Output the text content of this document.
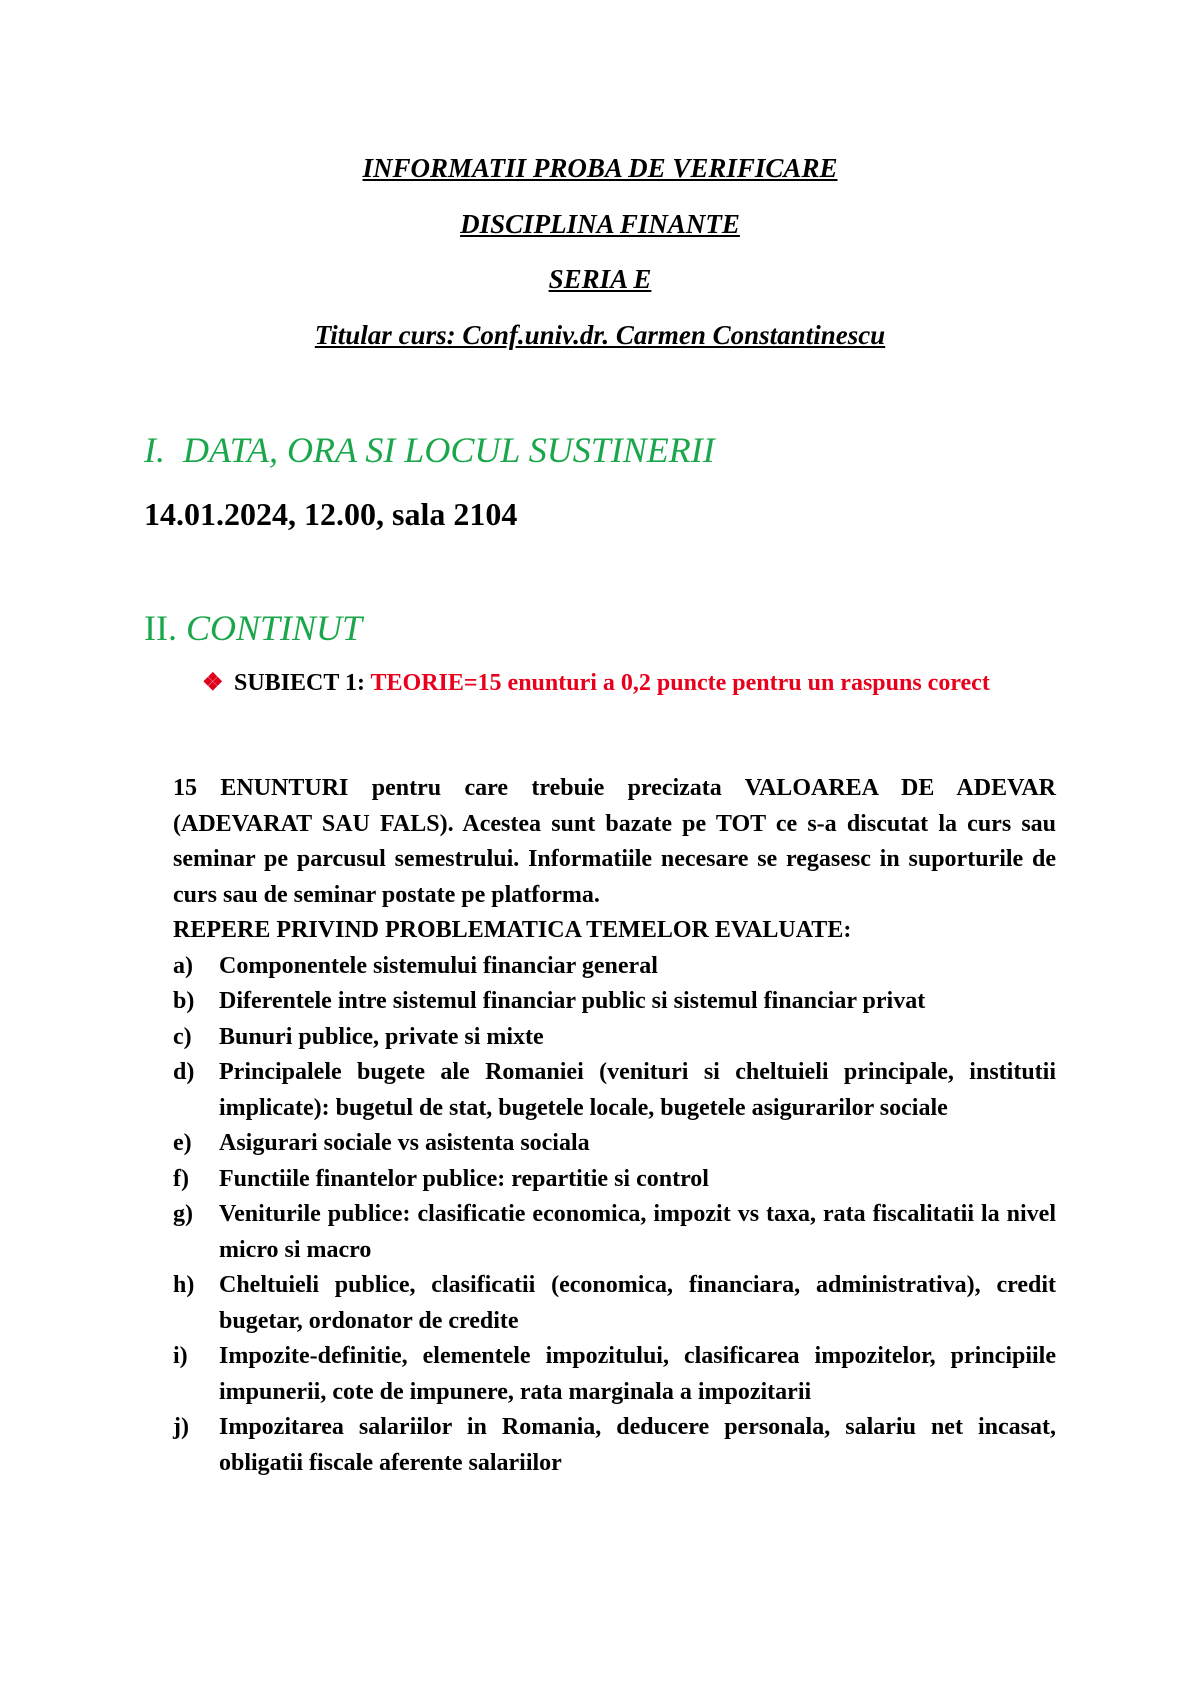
INFORMATII PROBA DE VERIFICARE
DISCIPLINA FINANTE
SERIA E
Titular curs: Conf.univ.dr. Carmen Constantinescu
I. DATA, ORA SI LOCUL SUSTINERII

14.01.2024, 12.00, sala 2104

II. CONTINUT

❖ SUBIECT 1: TEORIE=15 enunturi a 0,2 puncte pentru un raspuns corect

15 ENUNTURI pentru care trebuie precizata VALOAREA DE ADEVAR (ADEVARAT SAU FALS). Acestea sunt bazate pe TOT ce s-a discutat la curs sau seminar pe parcusul semestrului. Informatiile necesare se regasesc in suporturile de curs sau de seminar postate pe platforma.

REPERE PRIVIND PROBLEMATICA TEMELOR EVALUATE:

a) Componentele sistemului financiar general
b) Diferentele intre sistemul financiar public si sistemul financiar privat
c) Bunuri publice, private si mixte
d) Principalele bugete ale Romaniei (venituri si cheltuieli principale, institutii implicate): bugetul de stat, bugetele locale, bugetele asigurarilor sociale
e) Asigurari sociale vs asistenta sociala
f) Functiile finantelor publice: repartitie si control
g) Veniturile publice: clasificatie economica, impozit vs taxa, rata fiscalitatii la nivel micro si macro
h) Cheltuieli publice, clasificatii (economica, financiara, administrativa), credit bugetar, ordonator de credite
i) Impozite-definitie, elementele impozitului, clasificarea impozitelor, principiile impunerii, cote de impunere, rata marginala a impozitarii
j) Impozitarea salariilor in Romania, deducere personala, salariu net incasat, obligatii fiscale aferente salariilor
